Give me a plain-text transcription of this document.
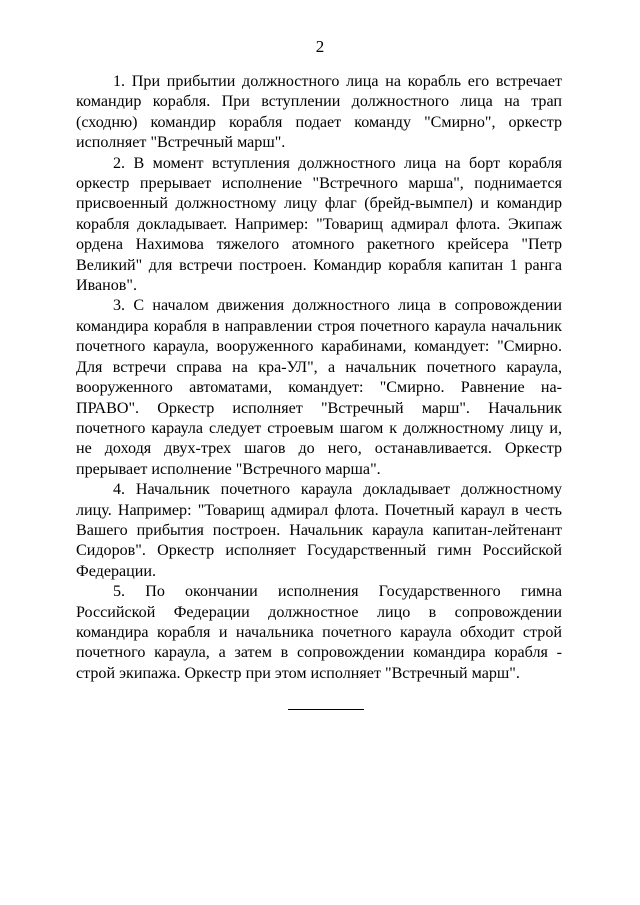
2

1. При прибытии должностного лица на корабль его встречает командир корабля. При вступлении должностного лица на трап (сходню) командир корабля подает команду "Смирно", оркестр исполняет "Встречный марш".

2. В момент вступления должностного лица на борт корабля оркестр прерывает исполнение "Встречного марша", поднимается присвоенный должностному лицу флаг (брейд-вымпел) и командир корабля докладывает. Например: "Товарищ адмирал флота. Экипаж ордена Нахимова тяжелого атомного ракетного крейсера "Петр Великий" для встречи построен. Командир корабля капитан 1 ранга Иванов".

3. С началом движения должностного лица в сопровождении командира корабля в направлении строя почетного караула начальник почетного караула, вооруженного карабинами, командует: "Смирно. Для встречи справа на кра-УЛ", а начальник почетного караула, вооруженного автоматами, командует: "Смирно. Равнение на-ПРАВО". Оркестр исполняет "Встречный марш". Начальник почетного караула следует строевым шагом к должностному лицу и, не доходя двух-трех шагов до него, останавливается. Оркестр прерывает исполнение "Встречного марша".

4. Начальник почетного караула докладывает должностному лицу. Например: "Товарищ адмирал флота. Почетный караул в честь Вашего прибытия построен. Начальник караула капитан-лейтенант Сидоров". Оркестр исполняет Государственный гимн Российской Федерации.

5. По окончании исполнения Государственного гимна Российской Федерации должностное лицо в сопровождении командира корабля и начальника почетного караула обходит строй почетного караула, а затем в сопровождении командира корабля - строй экипажа. Оркестр при этом исполняет "Встречный марш".
